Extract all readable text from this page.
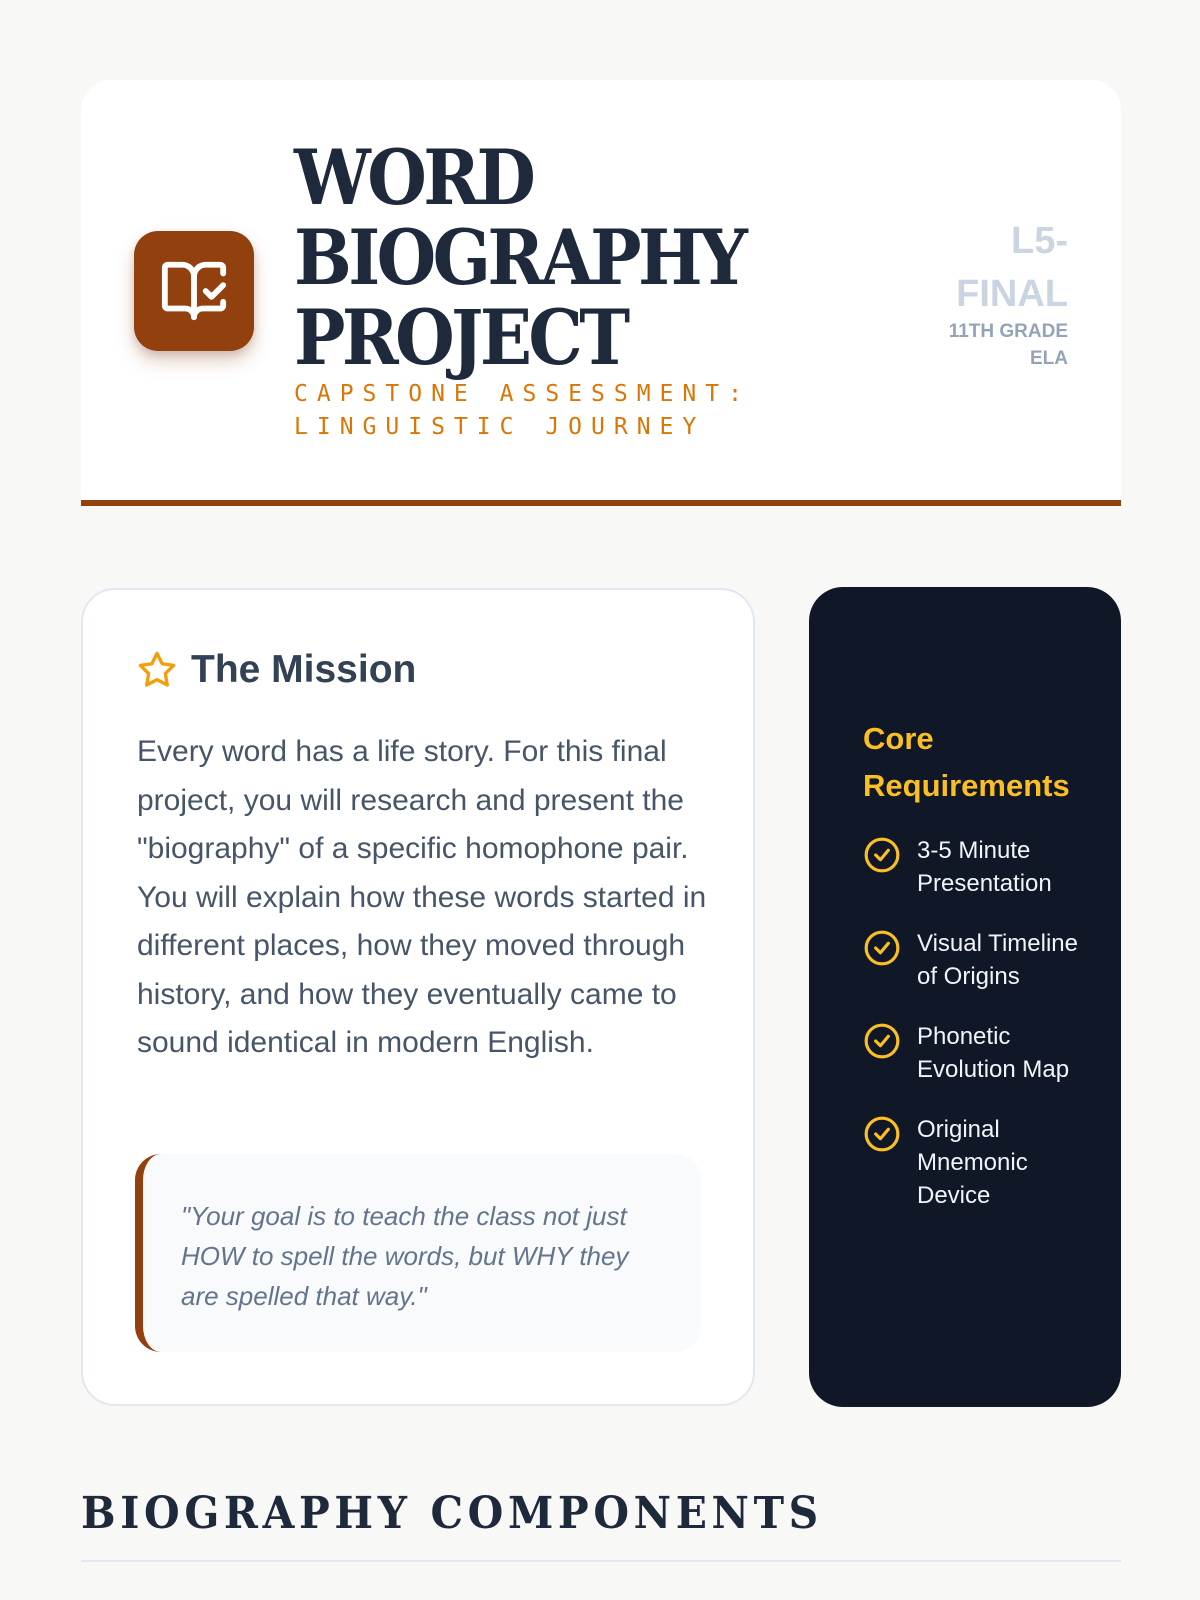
WORD
BIOGRAPHY
PROJECT
CAPSTONE ASSESSMENT: LINGUISTIC JOURNEY
L5-FINAL
11TH GRADE ELA
The Mission

Every word has a life story. For this final project, you will research and present the "biography" of a specific homophone pair. You will explain how these words started in different places, how they moved through history, and how they eventually came to sound identical in modern English.

"Your goal is to teach the class not just HOW to spell the words, but WHY they are spelled that way."
Core Requirements
3-5 Minute Presentation
Visual Timeline of Origins
Phonetic Evolution Map
Original Mnemonic Device
BIOGRAPHY COMPONENTS
